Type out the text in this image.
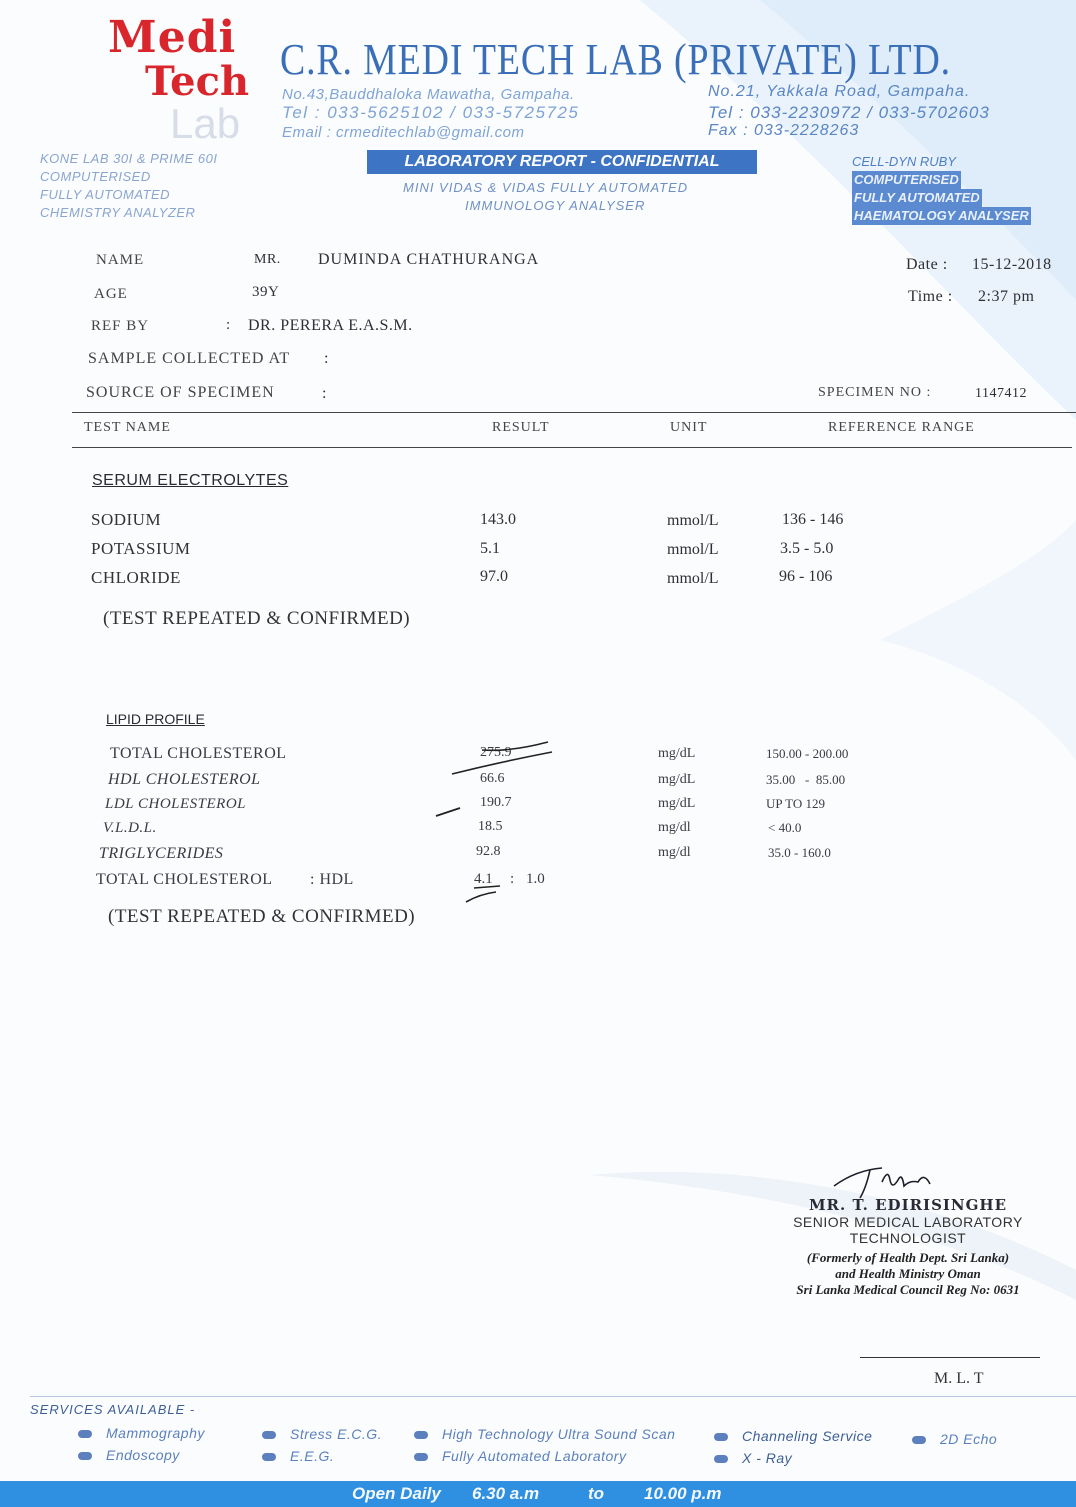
Medi
Tech
Lab
C.R. MEDI TECH LAB (PRIVATE) LTD.
No.43,Bauddhaloka Mawatha, Gampaha.
Tel : 033-5625102 / 033-5725725
Email : crmeditechlab@gmail.com
No.21, Yakkala Road, Gampaha.
Tel : 033-2230972 / 033-5702603
Fax : 033-2228263
KONE LAB 30I & PRIME 60I
COMPUTERISED
FULLY AUTOMATED
CHEMISTRY ANALYZER
LABORATORY REPORT - CONFIDENTIAL
MINI VIDAS & VIDAS FULLY AUTOMATED
IMMUNOLOGY ANALYSER
CELL-DYN RUBY
COMPUTERISED
FULLY AUTOMATED
HAEMATOLOGY ANALYSER
NAME	MR. DUMINDA CHATHURANGA
AGE	39Y
REF BY	: DR. PERERA E.A.S.M.
SAMPLE COLLECTED AT :
SOURCE OF SPECIMEN	:
Date : 15-12-2018
Time : 2:37 pm
SPECIMEN NO :	1147412
TEST NAME	RESULT	UNIT	REFERENCE RANGE
SERUM ELECTROLYTES
SODIUM	143.0	mmol/L	136 - 146
POTASSIUM	5.1	mmol/L	3.5 - 5.0
CHLORIDE	97.0	mmol/L	96 - 106
(TEST REPEATED & CONFIRMED)
LIPID PROFILE
TOTAL CHOLESTEROL	275.9	mg/dL	150.00 - 200.00
HDL CHOLESTEROL	66.6	mg/dL	35.00   -  85.00
LDL CHOLESTEROL	190.7	mg/dL	UP TO 129
V.L.D.L.	18.5	mg/dl	< 40.0
TRIGLYCERIDES	92.8	mg/dl	35.0 - 160.0
TOTAL CHOLESTEROL : HDL	4.1 : 1.0
(TEST REPEATED & CONFIRMED)
MR. T. EDIRISINGHE
SENIOR MEDICAL LABORATORY
TECHNOLOGIST
(Formerly of Health Dept. Sri Lanka)
and Health Ministry Oman
Sri Lanka Medical Council Reg No: 0631
M. L. T
SERVICES AVAILABLE -
Mammography
Endoscopy
Stress E.C.G.
E.E.G.
High Technology Ultra Sound Scan
Fully Automated Laboratory
Channeling Service
X - Ray
2D Echo
Open Daily 6.30 a.m	to 10.00 p.m
